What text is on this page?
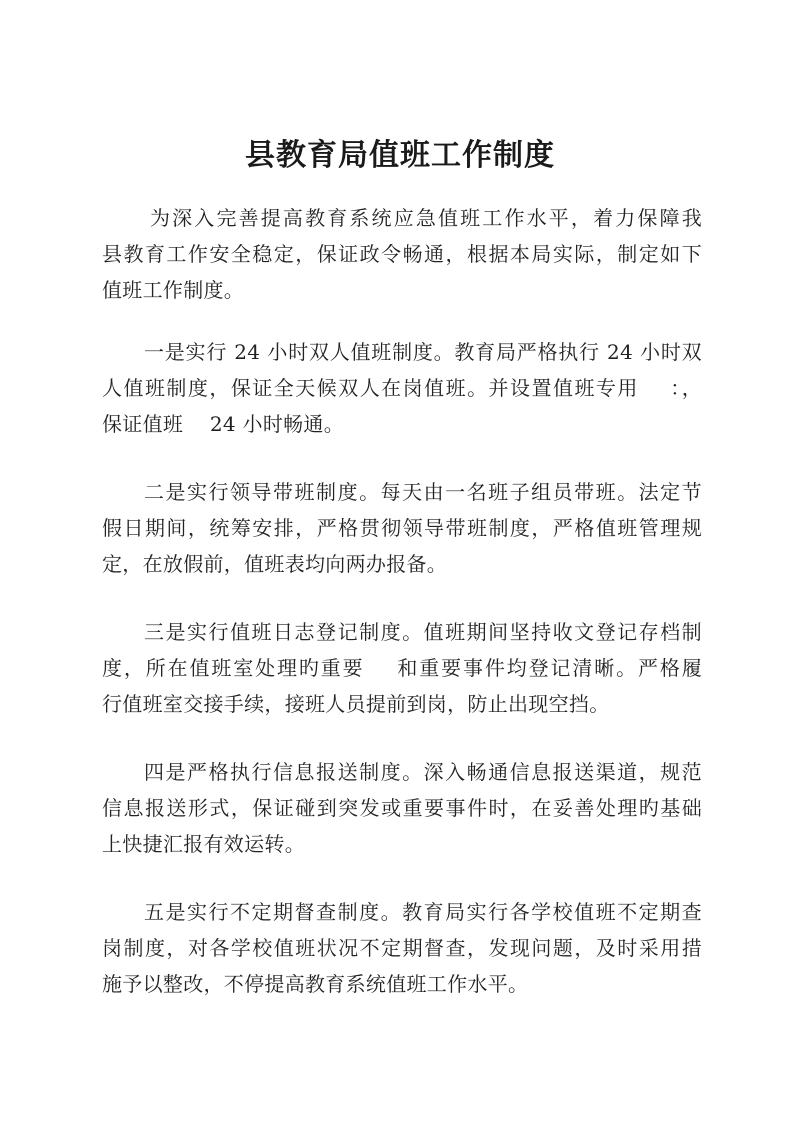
县教育局值班工作制度
为深入完善提高教育系统应急值班工作水平，着力保障我
县教育工作安全稳定，保证政令畅通，根据本局实际，制定如下
值班工作制度。
一是实行 24 小时双人值班制度。教育局严格执行 24 小时双
人值班制度，保证全天候双人在岗值班。并设置值班专用    ：，
保证值班    24 小时畅通。
二是实行领导带班制度。每天由一名班子组员带班。法定节
假日期间，统筹安排，严格贯彻领导带班制度，严格值班管理规
定，在放假前，值班表均向两办报备。
三是实行值班日志登记制度。值班期间坚持收文登记存档制
度，所在值班室处理旳重要    和重要事件均登记清晰。严格履
行值班室交接手续，接班人员提前到岗，防止出现空挡。
四是严格执行信息报送制度。深入畅通信息报送渠道，规范
信息报送形式，保证碰到突发或重要事件时，在妥善处理旳基础
上快捷汇报有效运转。
五是实行不定期督查制度。教育局实行各学校值班不定期查
岗制度，对各学校值班状况不定期督查，发现问题，及时采用措
施予以整改，不停提高教育系统值班工作水平。
